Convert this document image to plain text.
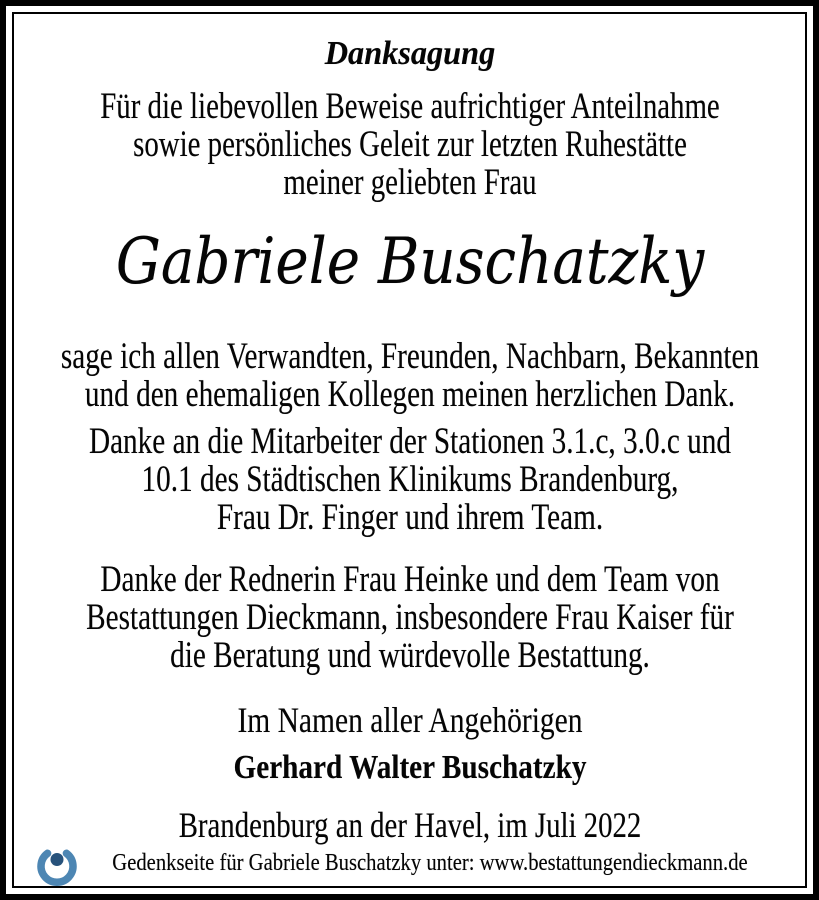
Danksagung
Für die liebevollen Beweise aufrichtiger Anteilnahme
sowie persönliches Geleit zur letzten Ruhestätte
meiner geliebten Frau
Gabriele Buschatzky
sage ich allen Verwandten, Freunden, Nachbarn, Bekannten
und den ehemaligen Kollegen meinen herzlichen Dank.
Danke an die Mitarbeiter der Stationen 3.1.c, 3.0.c und
10.1 des Städtischen Klinikums Brandenburg,
Frau Dr. Finger und ihrem Team.
Danke der Rednerin Frau Heinke und dem Team von
Bestattungen Dieckmann, insbesondere Frau Kaiser für
die Beratung und würdevolle Bestattung.
Im Namen aller Angehörigen
Gerhard Walter Buschatzky
Brandenburg an der Havel, im Juli 2022
Gedenkseite für Gabriele Buschatzky unter: www.bestattungendieckmann.de
